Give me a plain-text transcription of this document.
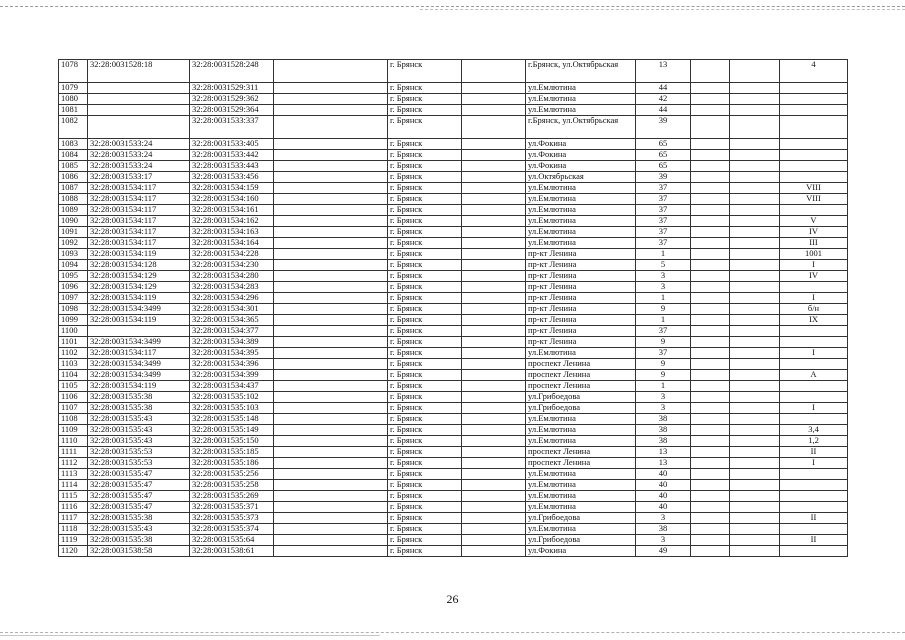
1078	32:28:0031528:18	32:28:0031528:248		г. Брянск		г.Брянск, ул.Октябрьская	13			4
1079		32:28:0031529:311		г. Брянск		ул.Емлютина	44			
1080		32:28:0031529:362		г. Брянск		ул.Емлютина	42			
1081		32:28:0031529:364		г. Брянск		ул.Емлютина	44			
1082		32:28:0031533:337		г. Брянск		г.Брянск, ул.Октябрьская	39			
1083	32:28:0031533:24	32:28:0031533:405		г. Брянск		ул.Фокина	65			
1084	32:28:0031533:24	32:28:0031533:442		г. Брянск		ул.Фокина	65			
1085	32:28:0031533:24	32:28:0031533:443		г. Брянск		ул.Фокина	65			
1086	32:28:0031533:17	32:28:0031533:456		г. Брянск		ул.Октябрьская	39			
1087	32:28:0031534:117	32:28:0031534:159		г. Брянск		ул.Емлютина	37			VIII
1088	32:28:0031534:117	32:28:0031534:160		г. Брянск		ул.Емлютина	37			VIII
1089	32:28:0031534:117	32:28:0031534:161		г. Брянск		ул.Емлютина	37			
1090	32:28:0031534:117	32:28:0031534:162		г. Брянск		ул.Емлютина	37			V
1091	32:28:0031534:117	32:28:0031534:163		г. Брянск		ул.Емлютина	37			IV
1092	32:28:0031534:117	32:28:0031534:164		г. Брянск		ул.Емлютина	37			III
1093	32:28:0031534:119	32:28:0031534:228		г. Брянск		пр-кт Ленина	1			1001
1094	32:28:0031534:128	32:28:0031534:230		г. Брянск		пр-кт Ленина	5			I
1095	32:28:0031534:129	32:28:0031534:280		г. Брянск		пр-кт Ленина	3			IV
1096	32:28:0031534:129	32:28:0031534:283		г. Брянск		пр-кт Ленина	3			
1097	32:28:0031534:119	32:28:0031534:296		г. Брянск		пр-кт Ленина	1			I
1098	32:28:0031534:3499	32:28:0031534:301		г. Брянск		пр-кт Ленина	9			б/н
1099	32:28:0031534:119	32:28:0031534:365		г. Брянск		пр-кт Ленина	1			IX
1100		32:28:0031534:377		г. Брянск		пр-кт Ленина	37			
1101	32:28:0031534:3499	32:28:0031534:389		г. Брянск		пр-кт Ленина	9			
1102	32:28:0031534:117	32:28:0031534:395		г. Брянск		ул.Емлютина	37			I
1103	32:28:0031534:3499	32:28:0031534:396		г. Брянск		проспект Ленина	9			
1104	32:28:0031534:3499	32:28:0031534:399		г. Брянск		проспект Ленина	9			А
1105	32:28:0031534:119	32:28:0031534:437		г. Брянск		проспект Ленина	1			
1106	32:28:0031535:38	32:28:0031535:102		г. Брянск		ул.Грибоедова	3			
1107	32:28:0031535:38	32:28:0031535:103		г. Брянск		ул.Грибоедова	3			I
1108	32:28:0031535:43	32:28:0031535:148		г. Брянск		ул.Емлютина	38			
1109	32:28:0031535:43	32:28:0031535:149		г. Брянск		ул.Емлютина	38			3,4
1110	32:28:0031535:43	32:28:0031535:150		г. Брянск		ул.Емлютина	38			1,2
1111	32:28:0031535:53	32:28:0031535:185		г. Брянск		проспект Ленина	13			II
1112	32:28:0031535:53	32:28:0031535:186		г. Брянск		проспект Ленина	13			I
1113	32:28:0031535:47	32:28:0031535:256		г. Брянск		ул.Емлютина	40			
1114	32:28:0031535:47	32:28:0031535:258		г. Брянск		ул.Емлютина	40			
1115	32:28:0031535:47	32:28:0031535:269		г. Брянск		ул.Емлютина	40			
1116	32:28:0031535:47	32:28:0031535:371		г. Брянск		ул.Емлютина	40			
1117	32:28:0031535:38	32:28:0031535:373		г. Брянск		ул.Грибоедова	3			II
1118	32:28:0031535:43	32:28:0031535:374		г. Брянск		ул.Емлютина	38			
1119	32:28:0031535:38	32:28:0031535:64		г. Брянск		ул.Грибоедова	3			II
1120	32:28:0031538:58	32:28:0031538:61		г. Брянск		ул.Фокина	49			
26
